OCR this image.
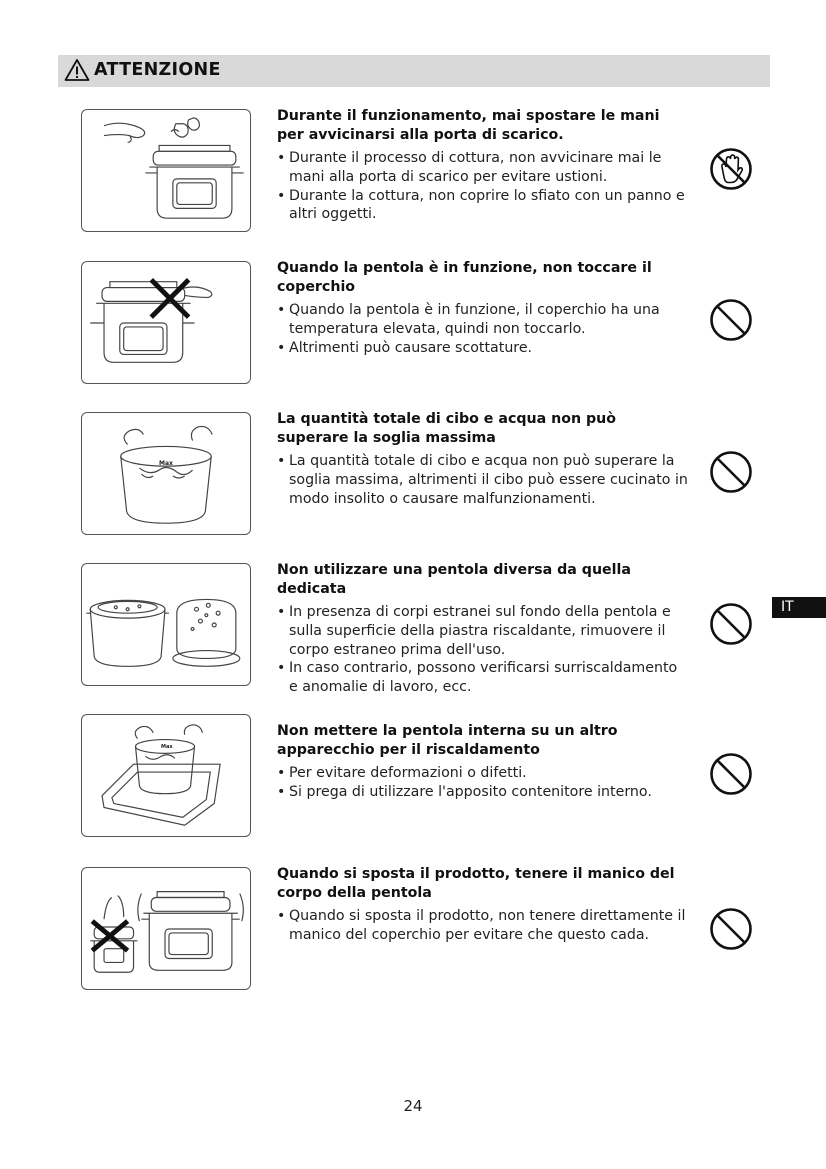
ATTENZIONE

Durante il funzionamento, mai spostare le mani per avvicinarsi alla porta di scarico.

• Durante il processo di cottura, non avvicinare mai le mani alla porta di scarico per evitare ustioni.
• Durante la cottura, non coprire lo sfiato con un panno e altri oggetti.

Quando la pentola è in funzione, non toccare il coperchio

• Quando la pentola è in funzione, il coperchio ha una temperatura elevata, quindi non toccarlo.
• Altrimenti può causare scottature.
Max

La quantità totale di cibo e acqua non può superare la soglia massima

• La quantità totale di cibo e acqua non può superare la soglia massima, altrimenti il cibo può essere cucinato in modo insolito o causare malfunzionamenti.

Non utilizzare una pentola diversa da quella dedicata

• In presenza di corpi estranei sul fondo della pentola e sulla superficie della piastra riscaldante, rimuovere il corpo estraneo prima dell'uso.
• In caso contrario, possono verificarsi surriscaldamento e anomalie di lavoro, ecc.
Max

Non mettere la pentola interna su un altro apparecchio per il riscaldamento

• Per evitare deformazioni o difetti.
• Si prega di utilizzare l'apposito contenitore interno.

Quando si sposta il prodotto, tenere il manico del corpo della pentola

• Quando si sposta il prodotto, non tenere direttamente il manico del coperchio per evitare che questo cada.
IT
24
